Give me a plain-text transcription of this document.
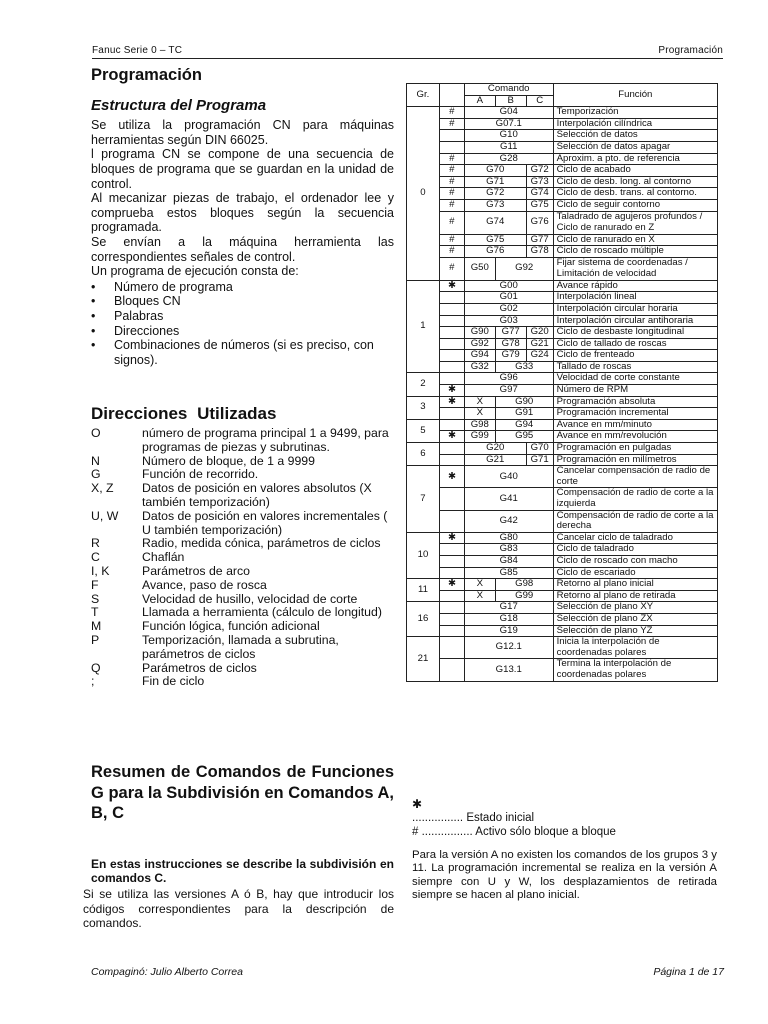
Fanuc Serie 0 – TC	Programación
Programación
Estructura del Programa
Se utiliza la programación CN para máquinas herramientas según DIN 66025.
l programa CN se compone de una secuencia de bloques de programa que se guardan en la unidad de control.
Al mecanizar piezas de trabajo, el ordenador lee y comprueba estos bloques según la secuencia programada.
Se envían a la máquina herramienta las correspondientes señales de control.
Un programa de ejecución consta de:
• Número de programa
• Bloques CN
• Palabras
• Direcciones
• Combinaciones de números (si es preciso, con signos).
Direcciones Utilizadas
O	número de programa principal 1 a 9499, para programas de piezas y subrutinas.
N	Número de bloque, de 1 a 9999
G	Función de recorrido.
X, Z	Datos de posición en valores absolutos (X también temporización)
U, W	Datos de posición en valores incrementales ( U también temporización)
R	Radio, medida cónica, parámetros de ciclos
C	Chaflán
I, K	Parámetros de arco
F	Avance, paso de rosca
S	Velocidad de husillo, velocidad de corte
T	Llamada a herramienta (cálculo de longitud)
M	Función lógica, función adicional
P	Temporización, llamada a subrutina, parámetros de ciclos
Q	Parámetros de ciclos
;	Fin de ciclo
Resumen de Comandos de Funciones G para la Subdivisión en Comandos A, B, C
En estas instrucciones se describe la subdivisión en comandos C.
Si se utiliza las versiones A ó B, hay que introducir los códigos correspondientes para la descripción de comandos.
Gr.		Comando			Función
		A	B	C	
0	#	G04			Temporización
	#	G07.1			Interpolación cilíndrica
		G10			Selección de datos
		G11			Selección de datos apagar
	#	G28			Aproxim. a pto. de referencia
	#	G70		G72	Ciclo de acabado
	#	G71		G73	Ciclo de desb. long. al contorno
	#	G72		G74	Ciclo de desb. trans. al contorno.
	#	G73		G75	Ciclo de seguir contorno
	#	G74		G76	Taladrado de agujeros profundos / Ciclo de ranurado en Z
	#	G75		G77	Ciclo de ranurado en X
	#	G76		G78	Ciclo de roscado múltiple
	#	G50	G92		Fijar sistema de coordenadas / Limitación de velocidad
1	✱	G00			Avance rápido
		G01			Interpolación lineal
		G02			Interpolación circular horaria
		G03			Interpolación circular antihoraria
		G90	G77	G20	Ciclo de desbaste longitudinal
		G92	G78	G21	Ciclo de tallado de roscas
		G94	G79	G24	Ciclo de frenteado
		G32	G33		Tallado de roscas
2		G96			Velocidad de corte constante
	✱	G97			Número de RPM
3	✱	X	G90		Programación absoluta
		X	G91		Programación incremental
5		G98	G94		Avance en mm/minuto
	✱	G99	G95		Avance en mm/revolución
6		G20		G70	Programación en pulgadas
		G21		G71	Programación en milímetros
7	✱	G40			Cancelar compensación de radio de corte
		G41			Compensación de radio de corte a la izquierda
		G42			Compensación de radio de corte a la derecha
10	✱	G80			Cancelar ciclo de taladrado
		G83			Ciclo de taladrado
		G84			Ciclo de roscado con macho
		G85			Ciclo de escariado
11	✱	X	G98		Retorno al plano inicial
		X	G99		Retorno al plano de retirada
16		G17			Selección de plano XY
		G18			Selección de plano ZX
		G19			Selección de plano YZ
21		G12.1			Inicia la interpolación de coordenadas polares
		G13.1			Termina la interpolación de coordenadas polares
✱
................ Estado inicial
# ................ Activo sólo bloque a bloque
Para la versión A no existen los comandos de los grupos 3 y 11. La programación incremental se realiza en la versión A siempre con U y W, los desplazamientos de retirada siempre se hacen al plano inicial.
Compaginó: Julio Alberto Correa	Página 1 de 17
